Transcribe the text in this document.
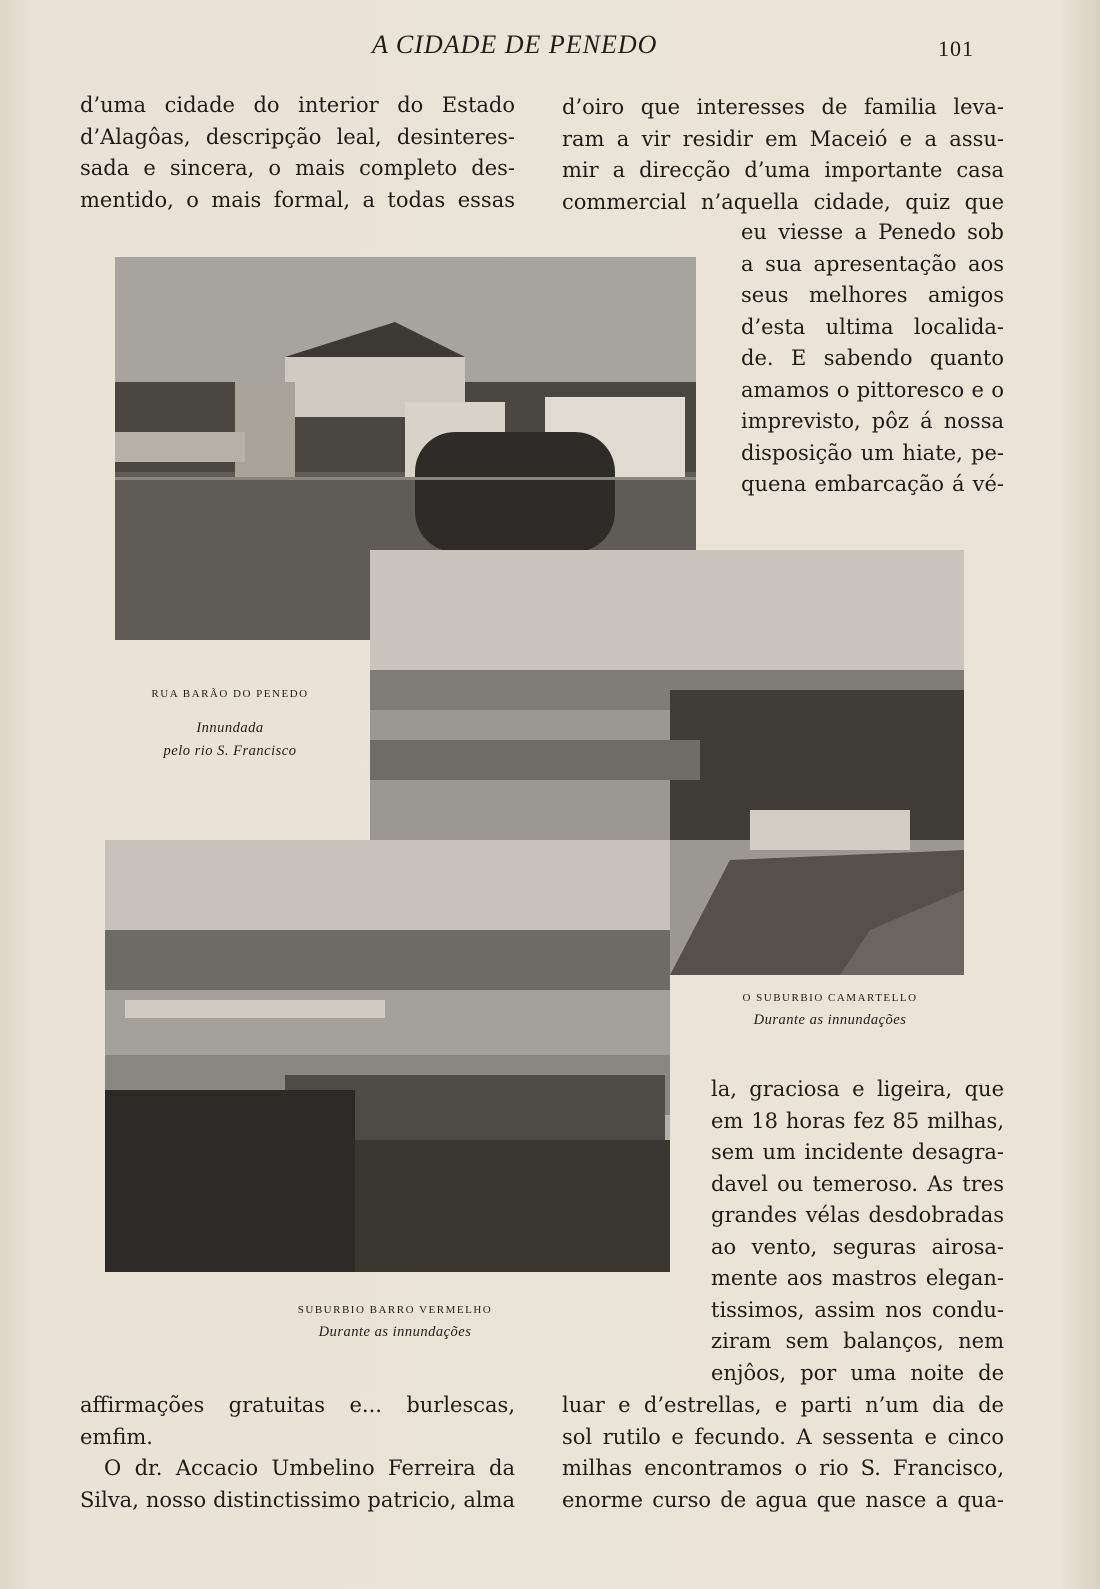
A CIDADE DE PENEDO	101
d’uma cidade do interior do Estado
d’Alagôas, descripção leal, desinteres-
sada e sincera, o mais completo des-
mentido, o mais formal, a todas essas
d’oiro que interesses de familia leva-
ram a vir residir em Maceió e a assu-
mir a direcção d’uma importante casa
commercial n’aquella cidade, quiz que
eu viesse a Penedo sob
a sua apresentação aos
seus melhores amigos
d’esta ultima localida-
de. E sabendo quanto
amamos o pittoresco e o
imprevisto, pôz á nossa
disposição um hiate, pe-
quena embarcação á vé-
RUA BARÃO DO PENEDO
Innundada
pelo rio S. Francisco
O SUBURBIO CAMARTELLO
Durante as innundações
SUBURBIO BARRO VERMELHO
Durante as innundações
la, graciosa e ligeira, que
em 18 horas fez 85 milhas,
sem um incidente desagra-
davel ou temeroso. As tres
grandes vélas desdobradas
ao vento, seguras airosa-
mente aos mastros elegan-
tissimos, assim nos condu-
ziram sem balanços, nem
enjôos, por uma noite de
affirmações gratuitas e... burlescas,
emfim.
O dr. Accacio Umbelino Ferreira da
Silva, nosso distinctissimo patricio, alma
luar e d’estrellas, e parti n’um dia de
sol rutilo e fecundo. A sessenta e cinco
milhas encontramos o rio S. Francisco,
enorme curso de agua que nasce a qua-
